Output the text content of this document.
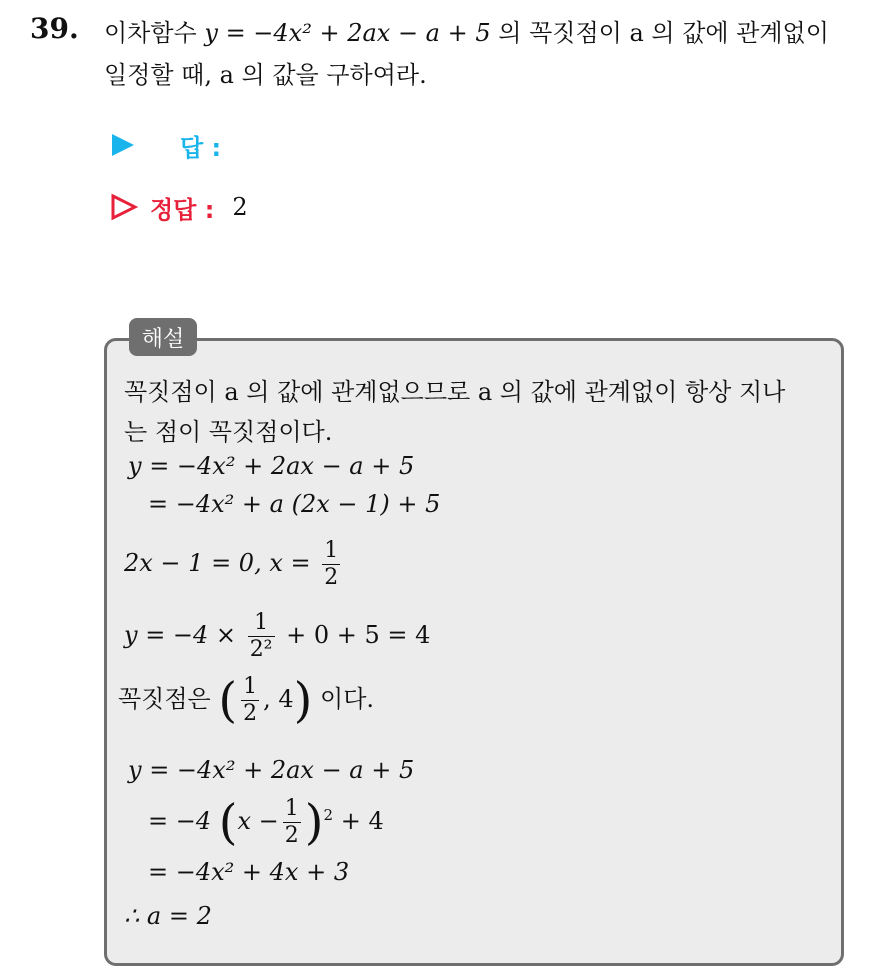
39. 이차함수 y = −4x² + 2ax − a + 5 의 꼭짓점이 a 의 값에 관계없이
일정할 때, a 의 값을 구하여라.
답 :
정답 : 2
해설
꼭짓점이 a 의 값에 관계없으므로 a 의 값에 관계없이 항상 지나
는 점이 꼭짓점이다.
y = −4x² + 2ax − a + 5
= −4x² + a (2x − 1) + 5
2x − 1 = 0, $x = \frac{1}{2}$
$y = -4 \times \frac{1}{\text{2²}} + 0 + 5 = 4$
꼭짓점은 ( $\frac{1}{2}$ , 4) 이다.
y = −4x² + 2ax − a + 5
= −4 $(x - \frac{1}{2} )^2 + 4$
= −4x² + 4x + 3
∴ a = 2
